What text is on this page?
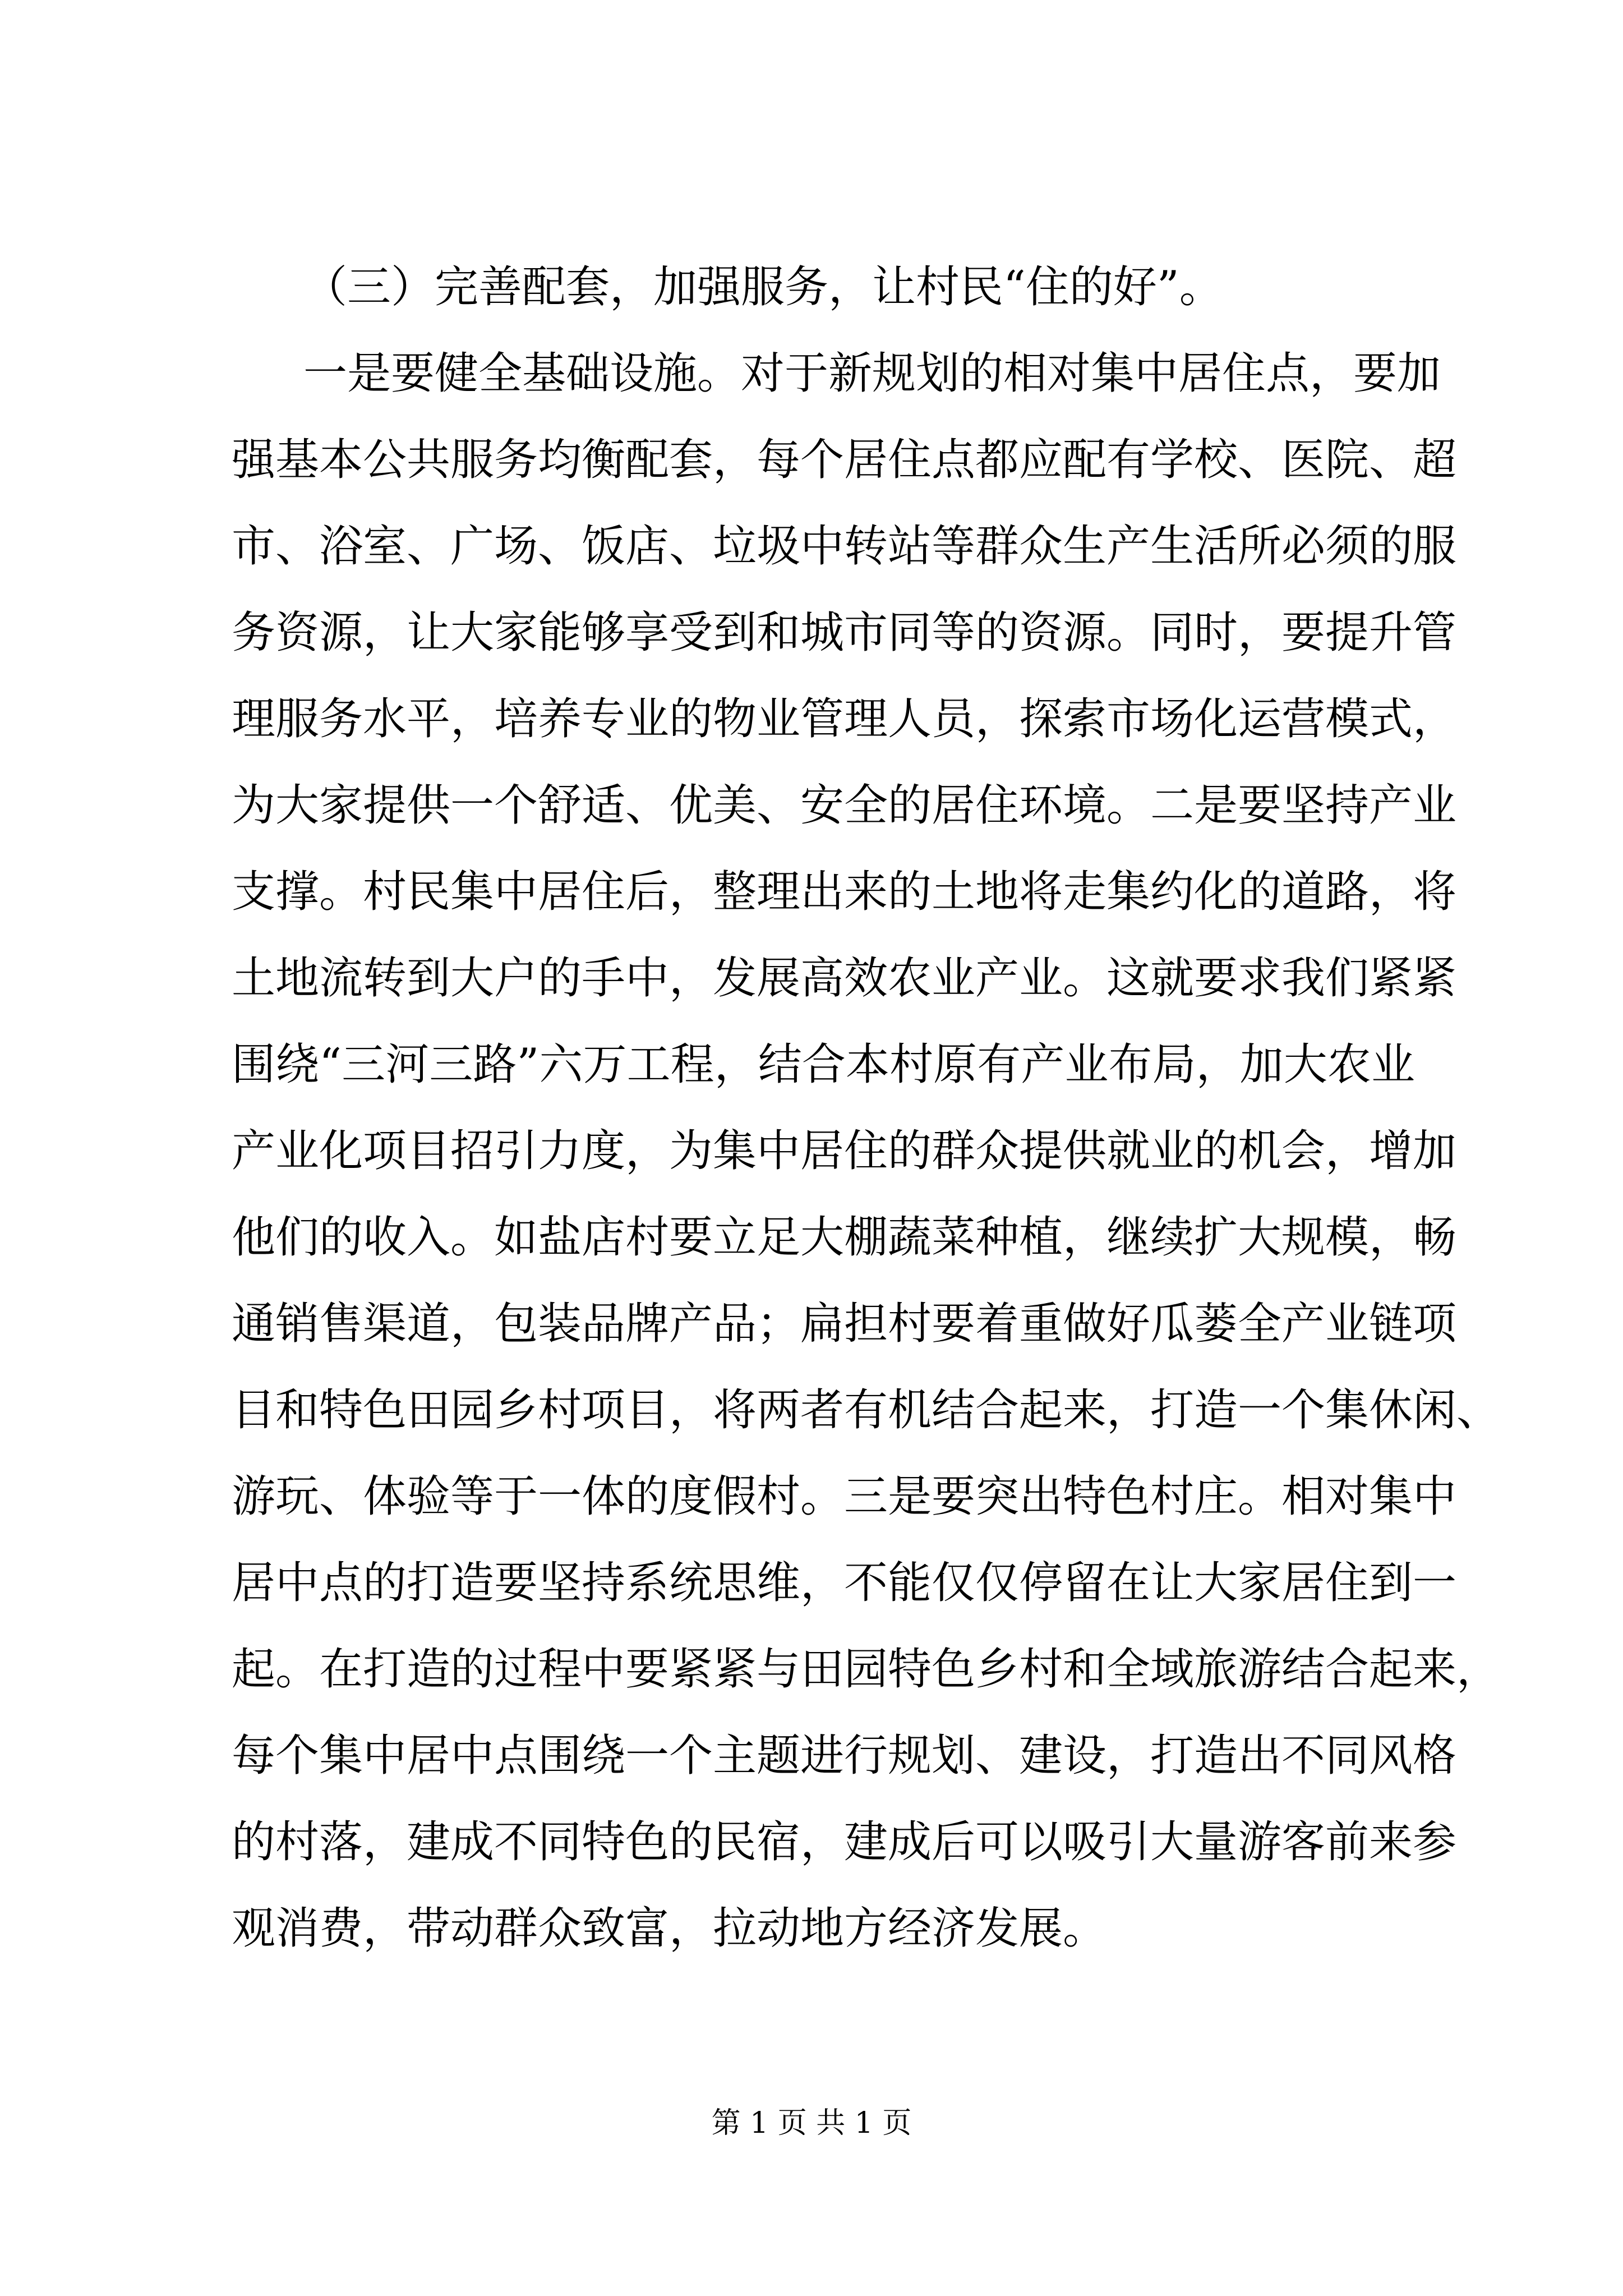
（三）完善配套，加强服务，让村民“住的好”。

一是要健全基础设施。对于新规划的相对集中居住点，要加

强基本公共服务均衡配套，每个居住点都应配有学校、医院、超

市、浴室、广场、饭店、垃圾中转站等群众生产生活所必须的服

务资源，让大家能够享受到和城市同等的资源。同时，要提升管

理服务水平，培养专业的物业管理人员，探索市场化运营模式，

为大家提供一个舒适、优美、安全的居住环境。二是要坚持产业

支撑。村民集中居住后，整理出来的土地将走集约化的道路，将

土地流转到大户的手中，发展高效农业产业。这就要求我们紧紧

围绕“三河三路”六万工程，结合本村原有产业布局，加大农业

产业化项目招引力度，为集中居住的群众提供就业的机会，增加

他们的收入。如盐店村要立足大棚蔬菜种植，继续扩大规模，畅

通销售渠道，包装品牌产品；扁担村要着重做好瓜蒌全产业链项

目和特色田园乡村项目，将两者有机结合起来，打造一个集休闲、

游玩、体验等于一体的度假村。三是要突出特色村庄。相对集中

居中点的打造要坚持系统思维，不能仅仅停留在让大家居住到一

起。在打造的过程中要紧紧与田园特色乡村和全域旅游结合起来，

每个集中居中点围绕一个主题进行规划、建设，打造出不同风格

的村落，建成不同特色的民宿，建成后可以吸引大量游客前来参

观消费，带动群众致富，拉动地方经济发展。

第 1 页 共 1 页
